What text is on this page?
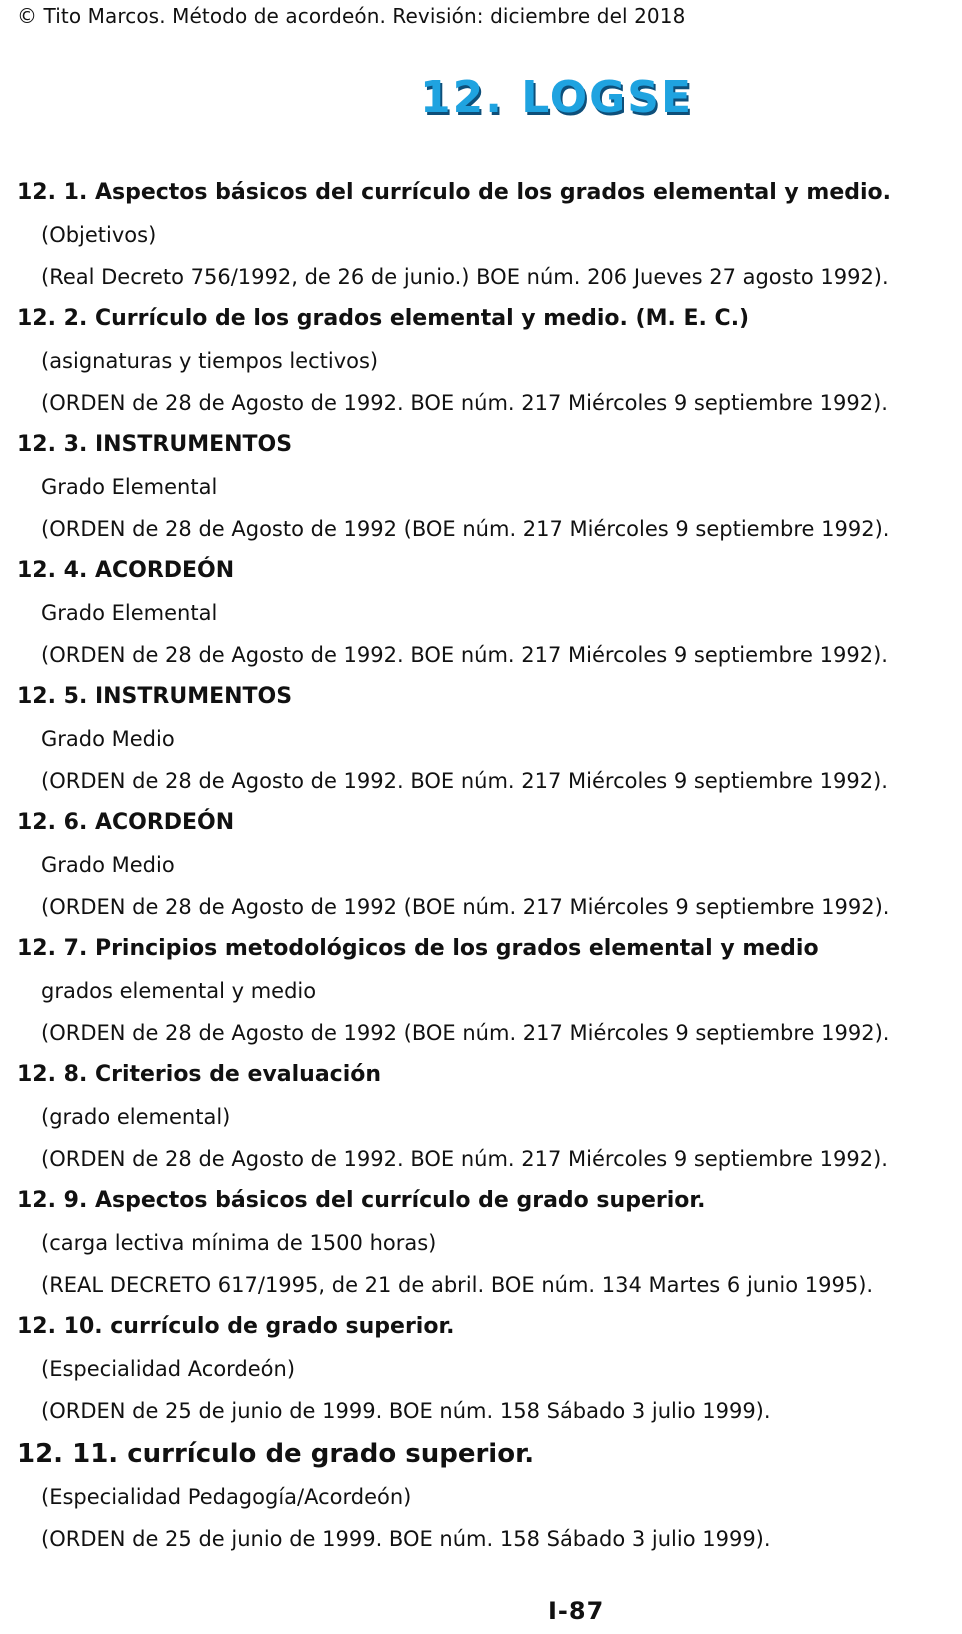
© Tito Marcos. Método de acordeón. Revisión: diciembre del 2018
12. LOGSE
12. 1. Aspectos básicos del currículo de los grados elemental y medio.
(Objetivos)
(Real Decreto 756/1992, de 26 de junio.) BOE núm. 206 Jueves 27 agosto 1992).
12. 2. Currículo de los grados elemental y medio. (M. E. C.)
(asignaturas y tiempos lectivos)
(ORDEN de 28 de Agosto de 1992. BOE núm. 217 Miércoles 9 septiembre 1992).
12. 3. INSTRUMENTOS
Grado Elemental
(ORDEN de 28 de Agosto de 1992 (BOE núm. 217 Miércoles 9 septiembre 1992).
12. 4. ACORDEÓN
Grado Elemental
(ORDEN de 28 de Agosto de 1992. BOE núm. 217 Miércoles 9 septiembre 1992).
12. 5. INSTRUMENTOS
Grado Medio
(ORDEN de 28 de Agosto de 1992. BOE núm. 217 Miércoles 9 septiembre 1992).
12. 6. ACORDEÓN
Grado Medio
(ORDEN de 28 de Agosto de 1992 (BOE núm. 217 Miércoles 9 septiembre 1992).
12. 7. Principios metodológicos de los grados elemental y medio
grados elemental y medio
(ORDEN de 28 de Agosto de 1992 (BOE núm. 217 Miércoles 9 septiembre 1992).
12. 8. Criterios de evaluación
(grado elemental)
(ORDEN de 28 de Agosto de 1992. BOE núm. 217 Miércoles 9 septiembre 1992).
12. 9. Aspectos básicos del currículo de grado superior.
(carga lectiva mínima de 1500 horas)
(REAL DECRETO 617/1995, de 21 de abril. BOE núm. 134 Martes 6 junio 1995).
12. 10. currículo de grado superior.
(Especialidad Acordeón)
(ORDEN de 25 de junio de 1999. BOE núm. 158 Sábado 3 julio 1999).
12. 11. currículo de grado superior.
(Especialidad Pedagogía/Acordeón)
(ORDEN de 25 de junio de 1999. BOE núm. 158 Sábado 3 julio 1999).
I-87
